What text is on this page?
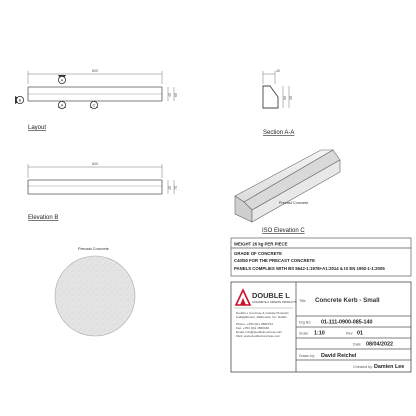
600
40 60
A
A
B
C
Layout
40
60 25
Section A-A
600
45 75
Elevation B
Precast Concrete
ISO Elevation C
WEIGHT 26 kg PER PIECE
GRADE OF CONCRETE
C40/50 FOR THE PRECAST CONCRETE
PANELS COMPLIES WITH BS 5642-1:1978+A1:2014 & IS EN 1992-1-1:2005
Precast Concrete
DOUBLE L
CONCRETE & GRANITE PRODUCTS
Double L Concrete & Granite Products
Callaghbrown, Rathcoole, Co. Dublin
Phone: +353 (0)1 4580724
Fax: +353 (0)1 4580160
Email: info@doublelconcrete.com
Web: www.doublelconcrete.com
Title Concrete Kerb - Small
Drg No: 01-111-0900-085-140
Scale: 1:10	Rev: 01
Date: 08/04/2022
Drawn by: David Reichel
Checked by: Damien Lee
